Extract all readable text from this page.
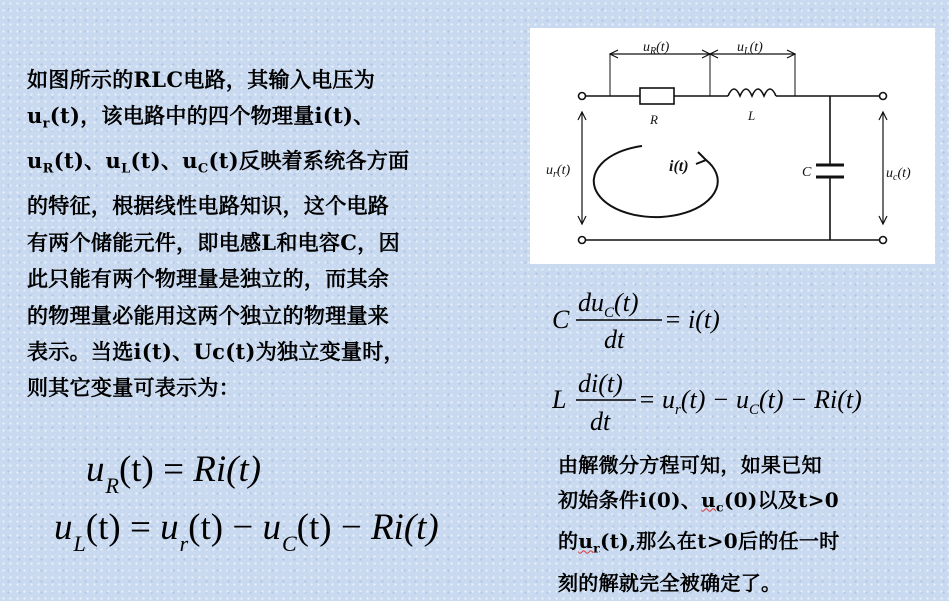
如图所示的RLC电路，其输入电压为
$u_r(t)$，该电路中的四个物理量i(t)、
$u_R(t)$、$u_L(t)$、$u_C(t)$反映着系统各方面
的特征，根据线性电路知识，这个电路
有两个储能元件，即电感L和电容C，因
此只能有两个物理量是独立的，而其余
的物理量必能用这两个独立的物理量来
表示。当选i(t)、Uc(t)为独立变量时，
则其它变量可表示为：
$u_R(t) = Ri(t)$
$u_L(t) = u_r(t) - u_C(t) - Ri(t)$
$u_R(t)$	$u_L(t)$
R	L
C
i(t)
$u_r(t)$	$u_c(t)$
C
$du_C(t)$
dt
= i(t)
L
di(t)
dt
= $u_r(t) - u_C(t) - Ri(t)$
由解微分方程可知，如果已知
初始条件i(0)、$u_c(0)$以及t>0
的$u_r(t)$,那么在t>0后的任一时
刻的解就完全被确定了。
